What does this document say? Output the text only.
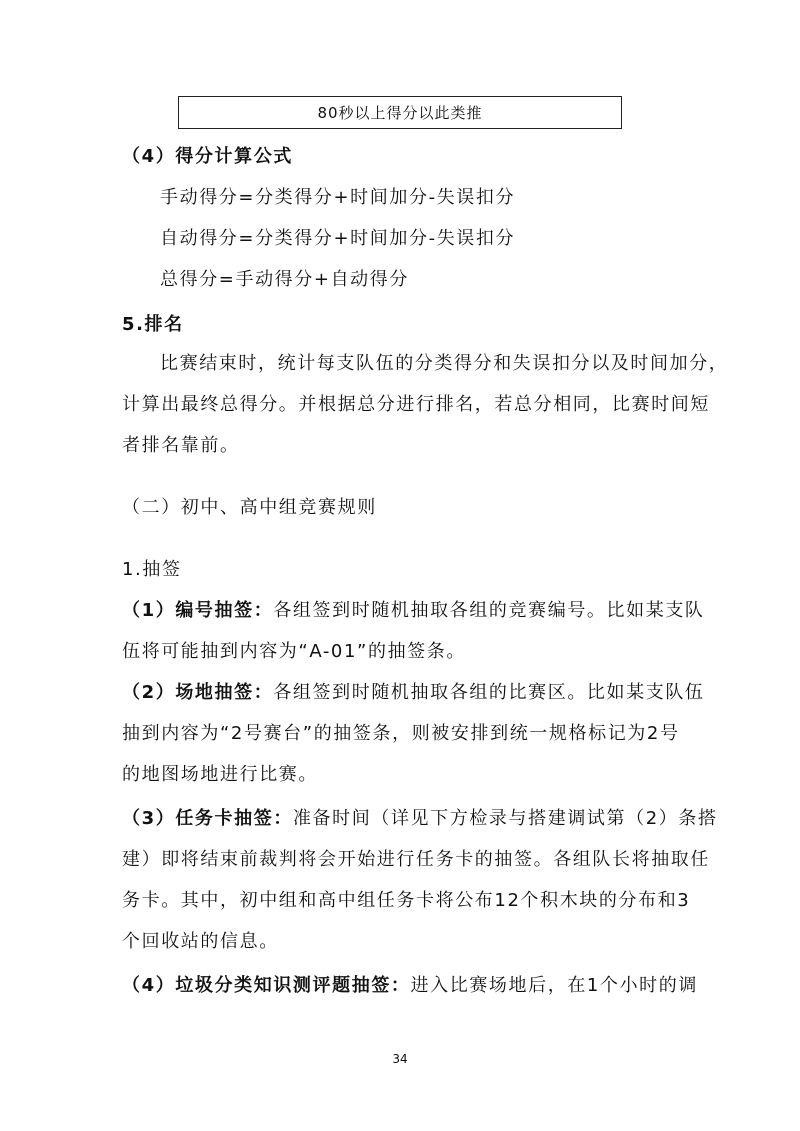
80秒以上得分以此类推
（4）得分计算公式
手动得分=分类得分+时间加分-失误扣分
自动得分=分类得分+时间加分-失误扣分
总得分=手动得分+自动得分
5.排名
比赛结束时，统计每支队伍的分类得分和失误扣分以及时间加分，
计算出最终总得分。并根据总分进行排名，若总分相同，比赛时间短
者排名靠前。
（二）初中、高中组竞赛规则
1.抽签
（1）编号抽签：各组签到时随机抽取各组的竞赛编号。比如某支队
伍将可能抽到内容为“A-01”的抽签条。
（2）场地抽签：各组签到时随机抽取各组的比赛区。比如某支队伍
抽到内容为“2号赛台”的抽签条，则被安排到统一规格标记为2号
的地图场地进行比赛。
（3）任务卡抽签：准备时间（详见下方检录与搭建调试第（2）条搭
建）即将结束前裁判将会开始进行任务卡的抽签。各组队长将抽取任
务卡。其中，初中组和高中组任务卡将公布12个积木块的分布和3
个回收站的信息。
（4）垃圾分类知识测评题抽签：进入比赛场地后，在1个小时的调
34
